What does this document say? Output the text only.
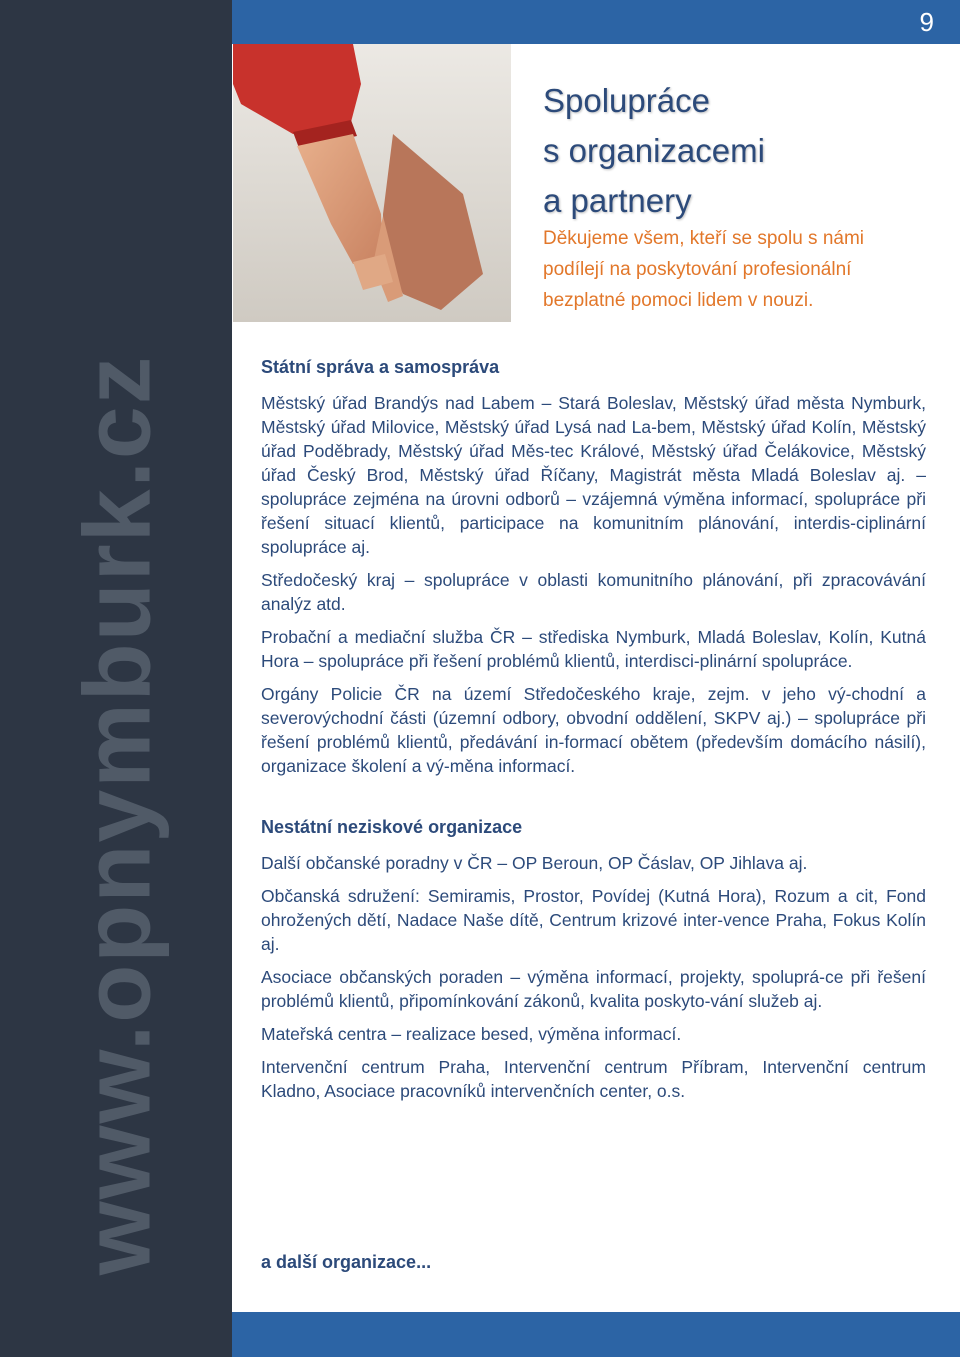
www.opnymburk.cz
9
Spolupráce
s organizacemi
a partnery
Děkujeme všem, kteří se spolu s námi podílejí na poskytování profesionální bezplatné pomoci lidem v nouzi.
Státní správa a samospráva

Městský úřad Brandýs nad Labem – Stará Boleslav, Městský úřad města Nymburk, Městský úřad Milovice, Městský úřad Lysá nad La-bem, Městský úřad Kolín, Městský úřad Poděbrady, Městský úřad Měs-tec Králové, Městský úřad Čelákovice, Městský úřad Český Brod, Městský úřad Říčany, Magistrát města Mladá Boleslav aj. – spolupráce zejména na úrovni odborů – vzájemná výměna informací, spolupráce při řešení situací klientů, participace na komunitním plánování, interdis-ciplinární spolupráce aj.

Středočeský kraj – spolupráce v oblasti komunitního plánování, při zpracovávání analýz atd.

Probační a mediační služba ČR – střediska Nymburk, Mladá Boleslav, Kolín, Kutná Hora – spolupráce při řešení problémů klientů, interdisci-plinární spolupráce.

Orgány Policie ČR na území Středočeského kraje, zejm. v jeho vý-chodní a severovýchodní části (územní odbory, obvodní oddělení, SKPV aj.) – spolupráce při řešení problémů klientů, předávání in-formací obětem (především domácího násilí), organizace školení a vý-měna informací.

Nestátní neziskové organizace

Další občanské poradny v ČR – OP Beroun, OP Čáslav, OP Jihlava aj.

Občanská sdružení: Semiramis, Prostor, Povídej (Kutná Hora), Rozum a cit, Fond ohrožených dětí, Nadace Naše dítě, Centrum krizové inter-vence Praha, Fokus Kolín aj.

Asociace občanských poraden – výměna informací, projekty, spoluprá-ce při řešení problémů klientů, připomínkování zákonů, kvalita poskyto-vání služeb aj.

Mateřská centra – realizace besed, výměna informací.

Intervenční centrum Praha, Intervenční centrum Příbram, Intervenční centrum Kladno, Asociace pracovníků intervenčních center, o.s.

a další organizace...
